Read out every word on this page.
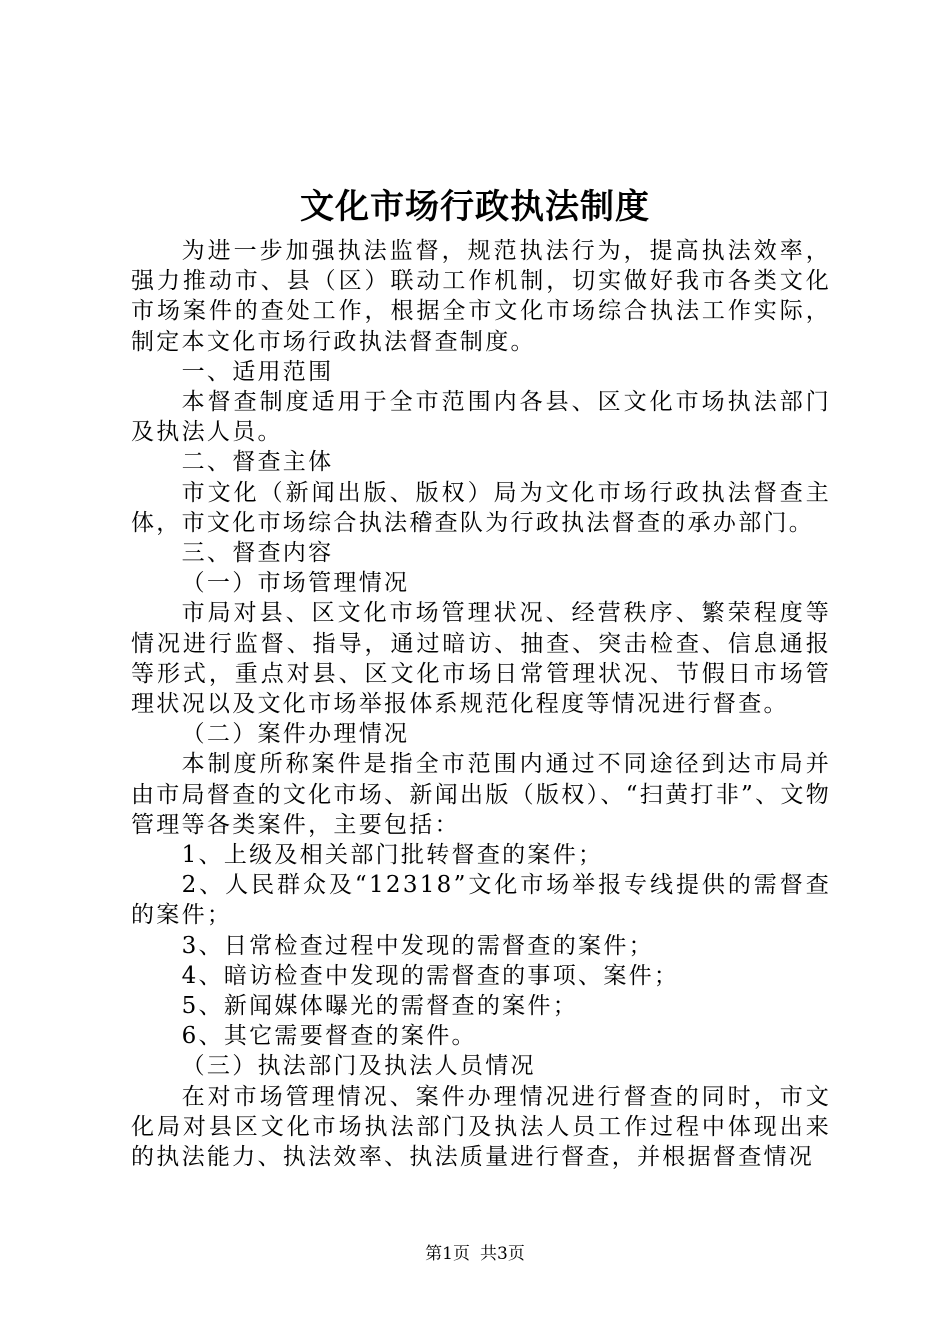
文化市场行政执法制度

为进一步加强执法监督，规范执法行为，提高执法效率，强力推动市、县（区）联动工作机制，切实做好我市各类文化市场案件的查处工作，根据全市文化市场综合执法工作实际，制定本文化市场行政执法督查制度。

一、适用范围

本督查制度适用于全市范围内各县、区文化市场执法部门及执法人员。

二、督查主体

市文化（新闻出版、版权）局为文化市场行政执法督查主体，市文化市场综合执法稽查队为行政执法督查的承办部门。

三、督查内容

（一）市场管理情况

市局对县、区文化市场管理状况、经营秩序、繁荣程度等情况进行监督、指导，通过暗访、抽查、突击检查、信息通报等形式，重点对县、区文化市场日常管理状况、节假日市场管理状况以及文化市场举报体系规范化程度等情况进行督查。

（二）案件办理情况

本制度所称案件是指全市范围内通过不同途径到达市局并由市局督查的文化市场、新闻出版（版权）、“扫黄打非”、文物管理等各类案件，主要包括：

1、上级及相关部门批转督查的案件；

2、人民群众及“12318”文化市场举报专线提供的需督查的案件；

3、日常检查过程中发现的需督查的案件；

4、暗访检查中发现的需督查的事项、案件；

5、新闻媒体曝光的需督查的案件；

6、其它需要督查的案件。

（三）执法部门及执法人员情况

在对市场管理情况、案件办理情况进行督查的同时，市文化局对县区文化市场执法部门及执法人员工作过程中体现出来的执法能力、执法效率、执法质量进行督查，并根据督查情况

第1页 共3页
